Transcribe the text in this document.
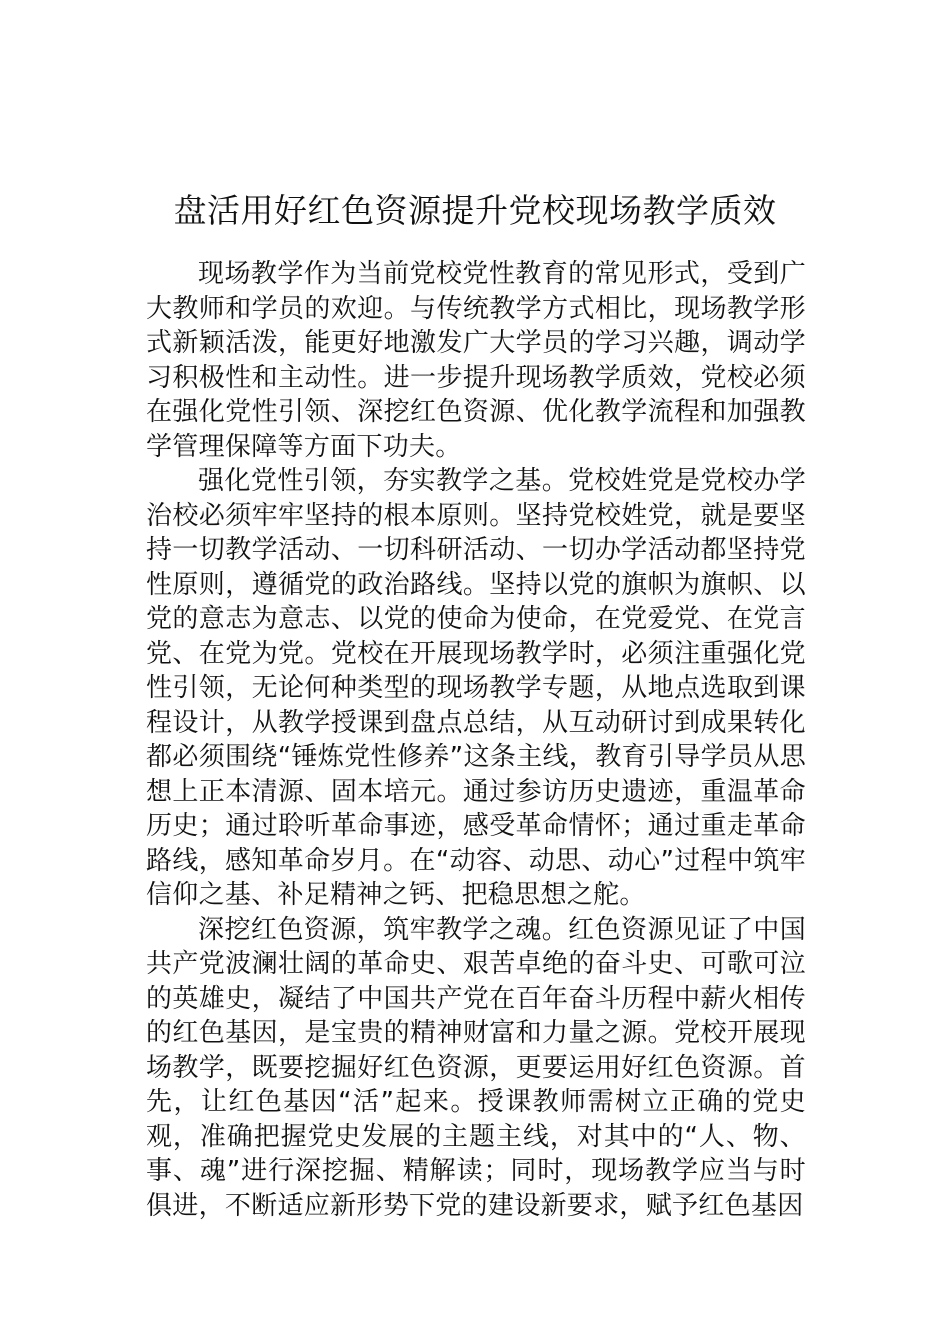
盘活用好红色资源提升党校现场教学质效

现场教学作为当前党校党性教育的常见形式，受到广大教师和学员的欢迎。与传统教学方式相比，现场教学形式新颖活泼，能更好地激发广大学员的学习兴趣，调动学习积极性和主动性。进一步提升现场教学质效，党校必须在强化党性引领、深挖红色资源、优化教学流程和加强教学管理保障等方面下功夫。

强化党性引领，夯实教学之基。党校姓党是党校办学治校必须牢牢坚持的根本原则。坚持党校姓党，就是要坚持一切教学活动、一切科研活动、一切办学活动都坚持党性原则，遵循党的政治路线。坚持以党的旗帜为旗帜、以党的意志为意志、以党的使命为使命，在党爱党、在党言党、在党为党。党校在开展现场教学时，必须注重强化党性引领，无论何种类型的现场教学专题，从地点选取到课程设计，从教学授课到盘点总结，从互动研讨到成果转化都必须围绕“锤炼党性修养”这条主线，教育引导学员从思想上正本清源、固本培元。通过参访历史遗迹，重温革命历史；通过聆听革命事迹，感受革命情怀；通过重走革命路线，感知革命岁月。在“动容、动思、动心”过程中筑牢信仰之基、补足精神之钙、把稳思想之舵。

深挖红色资源，筑牢教学之魂。红色资源见证了中国共产党波澜壮阔的革命史、艰苦卓绝的奋斗史、可歌可泣的英雄史，凝结了中国共产党在百年奋斗历程中薪火相传的红色基因，是宝贵的精神财富和力量之源。党校开展现场教学，既要挖掘好红色资源，更要运用好红色资源。首先，让红色基因“活”起来。授课教师需树立正确的党史观，准确把握党史发展的主题主线，对其中的“人、物、事、魂”进行深挖掘、精解读；同时，现场教学应当与时俱进，不断适应新形势下党的建设新要求，赋予红色基因
